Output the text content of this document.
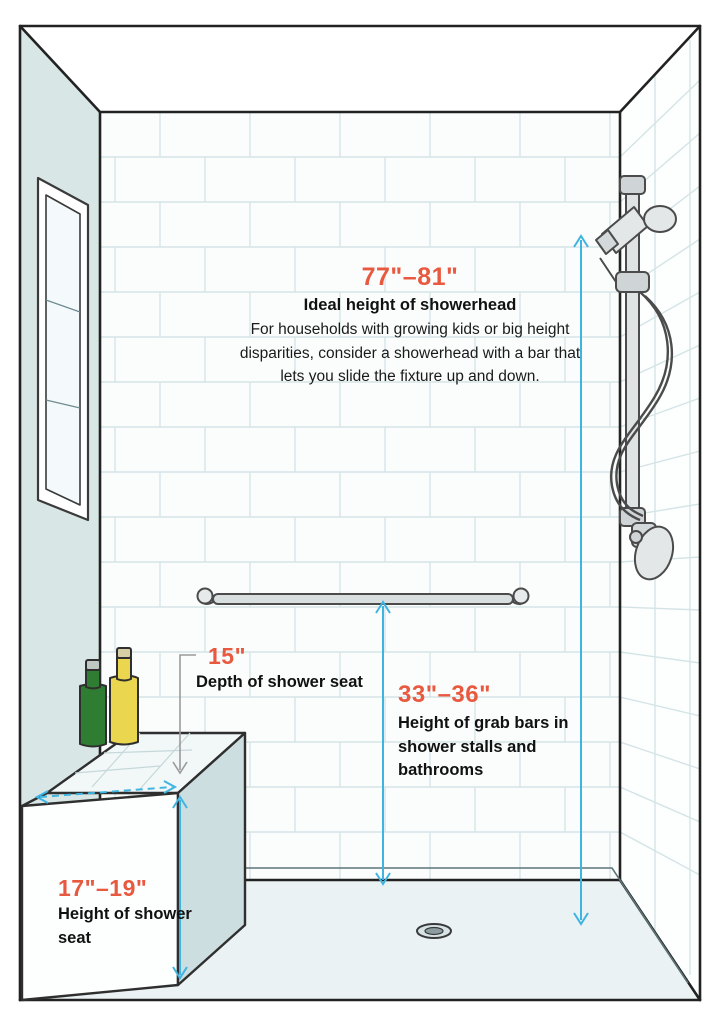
77"–81"
Ideal height of showerhead
For households with growing kids or big height disparities, consider a showerhead with a bar that lets you slide the fixture up and down.
33"–36"
Height of grab bars in shower stalls and bathrooms
15"
Depth of shower seat
17"–19"
Height of shower seat
